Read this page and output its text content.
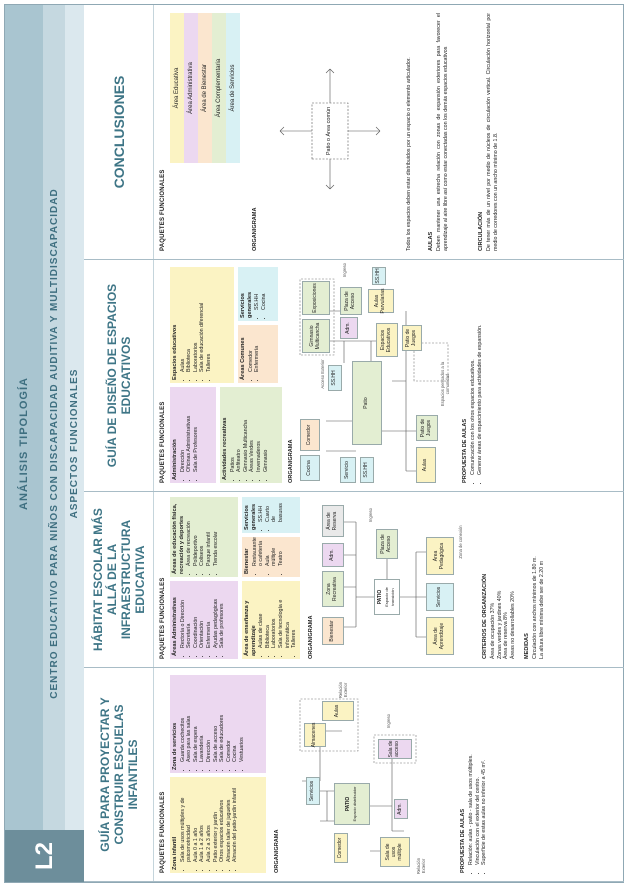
ANÁLISIS TIPOLOGÍA	CENTRO EDUCATIVO PARA NIÑOS CON DISCAPACIDAD AUDITIVA Y MULTIDISCAPACIDAD ASPECTOS FUNCIONALES
L2
GUÍA PARA PROYECTAR Y CONSTRUIR ESCUELAS INFANTILES
PAQUETES FUNCIONALES Zona infantil • Sala de usos múltiples y de psicomotricidad • Aula 0 a 1 año • Aula 1 a 2 años • Aula 2 a 3 años • Patio exterior y jardín • Otros espacios educativos • Almacén taller de juguetes • Almacén del patio-jardín infantil
Zona de servicios • Guarda cochecitos • Aseo para las salas • Sala de espera • Lavandería • Dirección • Sala de acceso • Sala de educadores • Comedor • Cocina • Vestuarios
ORGANIGRAMA	Comedor
Servicios
Almacenes
Aulas
PATIO Espacio distribuidor
Sala de usos múltiple
Adm.
Sala de acceso
Ingreso
Relación Exterior
Relación Exterior	PROPUESTA DE AULAS • Relación: aulas - patio - sala de usos múltiples. • Vinculación con el exterior del centro. • Superficie de estas aulas no inferior a 45 m².
HÁBITAT ESCOLAR MÁS ALLÁ DE LA INFRAESTRUCTURA EDUCATIVA	PAQUETES FUNCIONALES Áreas Administrativas • Rectoría o Dirección • Secretaría • Coordinación • Orientación • Enfermería • Ayudas pedagógicas • Sala de profesores
Áreas de educación física, recreación y deportes • Área de recreación • Polideportivo • Coliseos • Parque infantil • Tienda escolar
Área de enseñanza y aprendizaje • Aulas de clase • Biblioteca • Laboratorios • Sala de tecnología e informática • Talleres
Bienestar • Restaurante o cafetería • Aula múltiple • Teatro
Servicios generales • SS.HH • Cuarto de basuras
ORGANIGRAMA	Bienestar
Zona Recreativa
Adm.
Área de Reserva
PATIO Espacio de transición
Plaza de Acceso
Ingreso
Área de Aprendizaje
Servicios
Área Pedagógica	Zona de conexión
CRITERIOS DE ORGANIZACIÓN Área de ocupación 37% Zonas verdes y jardines 40% Área de reserva 8% Áreas no desarrollables 20% MEDIDAS Circulación con anchos mínimos de 1.80 m. La altura libre mínima debe ser de 2.20 m
GUÍA DE DISEÑO DE ESPACIOS EDUCATIVOS
PAQUETES FUNCIONALES Administración • Dirección • Oficinas Administrativas • Sala de Profesores
Espacios educativos • Aulas • Biblioteca • Laboratorios • Sala de educación diferencial • Talleres
Actividades recreativas • Patios • Anfiteatro • Gimnasio Multicancha • Áreas Verdes • Invernaderos • Gimnasio
Áreas Comunes • Comedor • Enfermería
Servicios generales • SS.HH • Cocina
ORGANIGRAMA	Cocina
Comedor
Gimnasio Multicancha
Exposiciones
Acceso Exterior	SS.HH
Ingreso
Adm.
Plaza de Acceso	Aulas Parvularias
SS.HH
Patio
Espacios Educativos	Patio de Juegos
Servicio	SS.HH	Aulas
Patio de Juegos
Espacios pensados a la comunidad
PROPUESTA DE AULAS • Comunicación con los otros espacios educativos. • Generar áreas de esparcimiento para actividades de expansión.
CONCLUSIONES
PAQUETES FUNCIONALES
Área Educativa	Área Administrativa	Área de Bienestar	Área Complementaria	Área de Servicios
ORGANIGRAMA
Patio o Área común	Todos los espacios deben estar distribuidos por un espacio o elemento articulador.	AULAS Deben mantener una estrecha relación con zonas de expansión exteriores para favorecer el aprendizaje al aire libre así como estar conectadas con los demás espacios educativos	CIRCULACIÓN De tener más de un nivel por medio de núcleos de circulación vertical. Circulación horizontal por medio de corredores con un ancho mínimo de 1.8.
